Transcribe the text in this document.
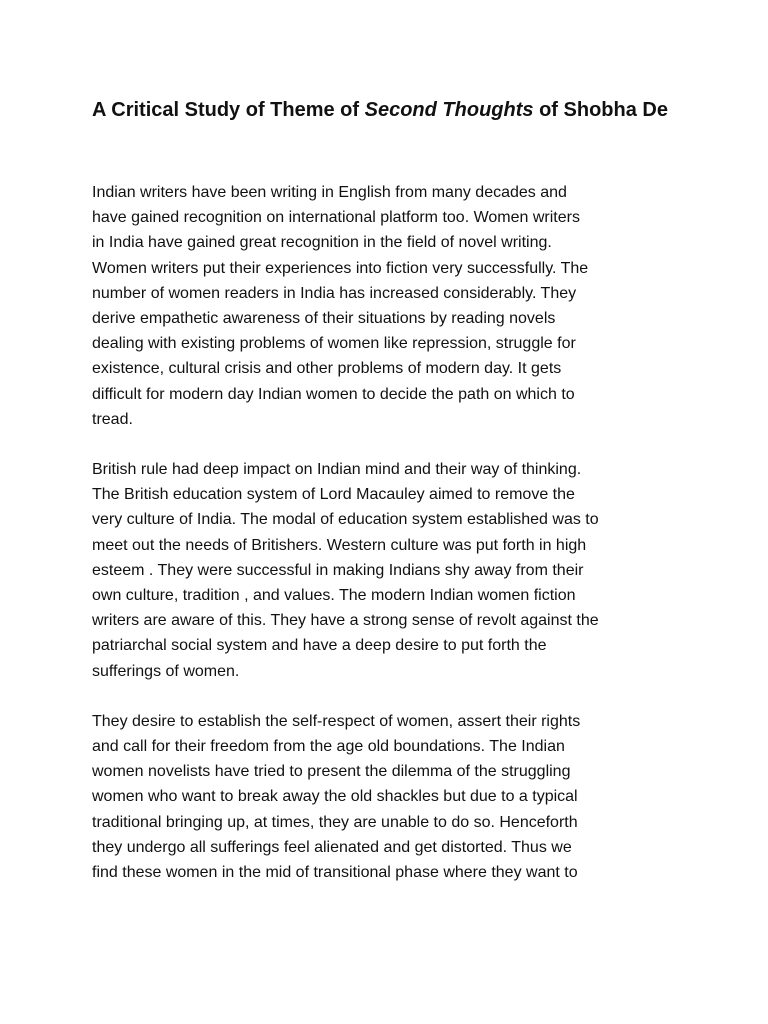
A Critical Study of Theme of Second Thoughts of Shobha De

Indian writers have been writing in English from many decades and
have gained recognition on international platform too. Women writers
in India have gained great recognition in the field of novel writing.
Women writers put their experiences into fiction very successfully. The
number of women readers in India has increased considerably. They
derive empathetic awareness of their situations by reading novels
dealing with existing problems of women like repression, struggle for
existence, cultural crisis and other problems of modern day. It gets
difficult for modern day Indian women to decide the path on which to
tread.

British rule had deep impact on Indian mind and their way of thinking.
The British education system of Lord Macauley aimed to remove the
very culture of India. The modal of education system established was to
meet out the needs of Britishers. Western culture was put forth in high
esteem . They were successful in making Indians shy away from their
own culture, tradition , and values. The modern Indian women fiction
writers are aware of this. They have a strong sense of revolt against the
patriarchal social system and have a deep desire to put forth the
sufferings of women.

They desire to establish the self-respect of women, assert their rights
and call for their freedom from the age old boundations. The Indian
women novelists have tried to present the dilemma of the struggling
women who want to break away the old shackles but due to a typical
traditional bringing up, at times, they are unable to do so. Henceforth
they undergo all sufferings feel alienated and get distorted. Thus we
find these women in the mid of transitional phase where they want to
